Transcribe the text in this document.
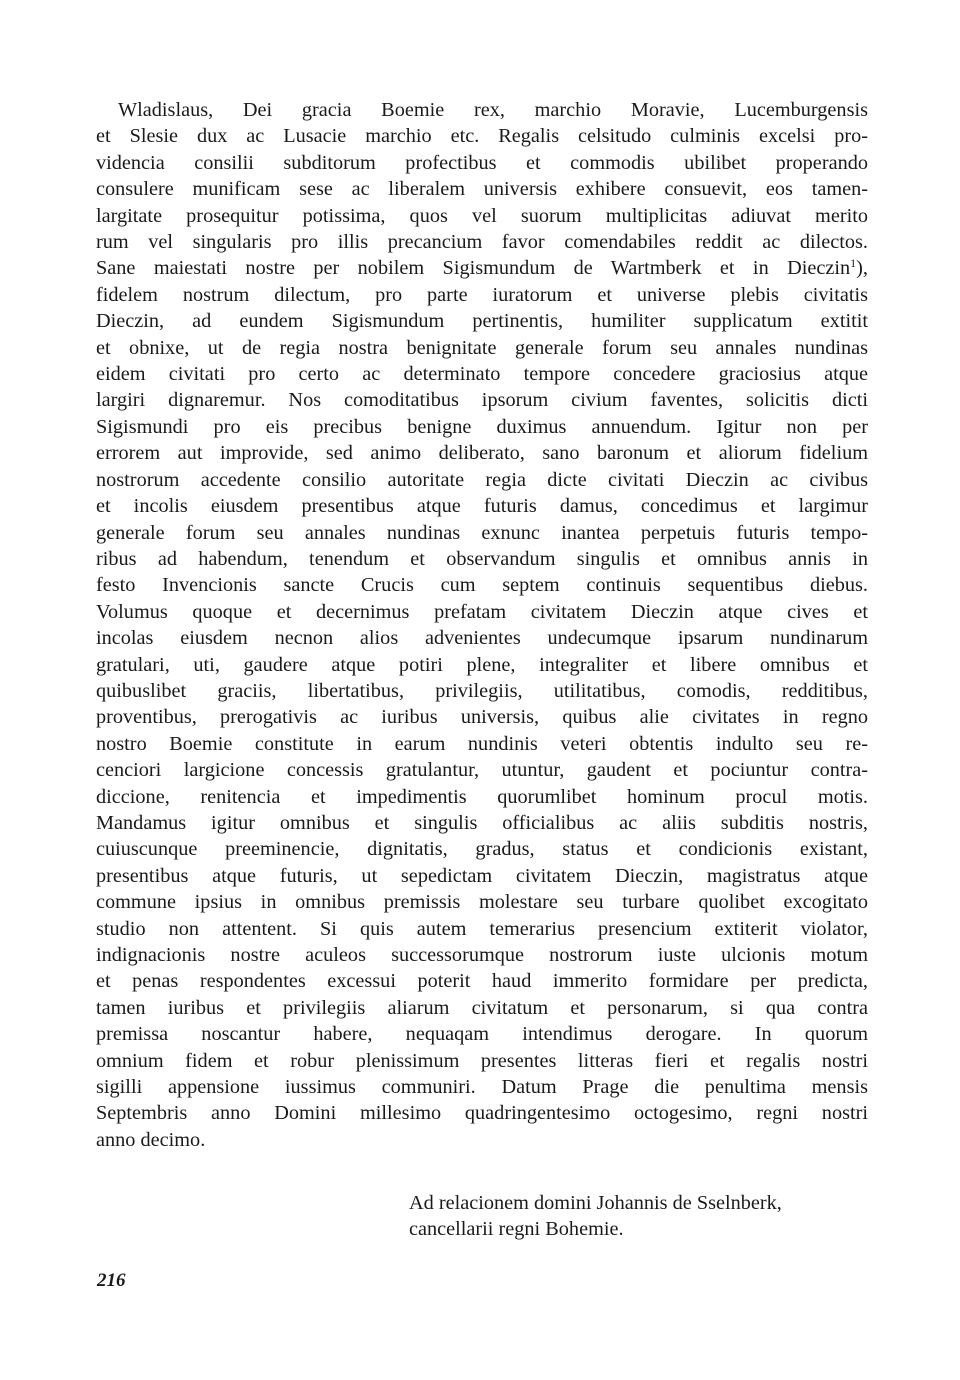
Wladislaus, Dei gracia Boemie rex, marchio Moravie, Lucemburgensis
et Slesie dux ac Lusacie marchio etc. Regalis celsitudo culminis excelsi pro-
videncia consilii subditorum profectibus et commodis ubilibet properando
consulere munificam sese ac liberalem universis exhibere consuevit, eos tamen-
largitate prosequitur potissima, quos vel suorum multiplicitas adiuvat merito
rum vel singularis pro illis precancium favor comendabiles reddit ac dilectos.
Sane maiestati nostre per nobilem Sigismundum de Wartmberk et in Dieczin$^1$),
fidelem nostrum dilectum, pro parte iuratorum et universe plebis civitatis
Dieczin, ad eundem Sigismundum pertinentis, humiliter supplicatum extitit
et obnixe, ut de regia nostra benignitate generale forum seu annales nundinas
eidem civitati pro certo ac determinato tempore concedere graciosius atque
largiri dignaremur. Nos comoditatibus ipsorum civium faventes, solicitis dicti
Sigismundi pro eis precibus benigne duximus annuendum. Igitur non per
errorem aut improvide, sed animo deliberato, sano baronum et aliorum fidelium
nostrorum accedente consilio autoritate regia dicte civitati Dieczin ac civibus
et incolis eiusdem presentibus atque futuris damus, concedimus et largimur
generale forum seu annales nundinas exnunc inantea perpetuis futuris tempo-
ribus ad habendum, tenendum et observandum singulis et omnibus annis in
festo Invencionis sancte Crucis cum septem continuis sequentibus diebus.
Volumus quoque et decernimus prefatam civitatem Dieczin atque cives et
incolas eiusdem necnon alios advenientes undecumque ipsarum nundinarum
gratulari, uti, gaudere atque potiri plene, integraliter et libere omnibus et
quibuslibet graciis, libertatibus, privilegiis, utilitatibus, comodis, redditibus,
proventibus, prerogativis ac iuribus universis, quibus alie civitates in regno
nostro Boemie constitute in earum nundinis veteri obtentis indulto seu re-
cenciori largicione concessis gratulantur, utuntur, gaudent et pociuntur contra-
diccione, renitencia et impedimentis quorumlibet hominum procul motis.
Mandamus igitur omnibus et singulis officialibus ac aliis subditis nostris,
cuiuscunque preeminencie, dignitatis, gradus, status et condicionis existant,
presentibus atque futuris, ut sepedictam civitatem Dieczin, magistratus atque
commune ipsius in omnibus premissis molestare seu turbare quolibet excogitato
studio non attentent. Si quis autem temerarius presencium extiterit violator,
indignacionis nostre aculeos successorumque nostrorum iuste ulcionis motum
et penas respondentes excessui poterit haud immerito formidare per predicta,
tamen iuribus et privilegiis aliarum civitatum et personarum, si qua contra
premissa noscantur habere, nequaqam intendimus derogare. In quorum
omnium fidem et robur plenissimum presentes litteras fieri et regalis nostri
sigilli appensione iussimus communiri. Datum Prage die penultima mensis
Septembris anno Domini millesimo quadringentesimo octogesimo, regni nostri
anno decimo.
Ad relacionem domini Johannis de Sselnberk,
cancellarii regni Bohemie.
216
